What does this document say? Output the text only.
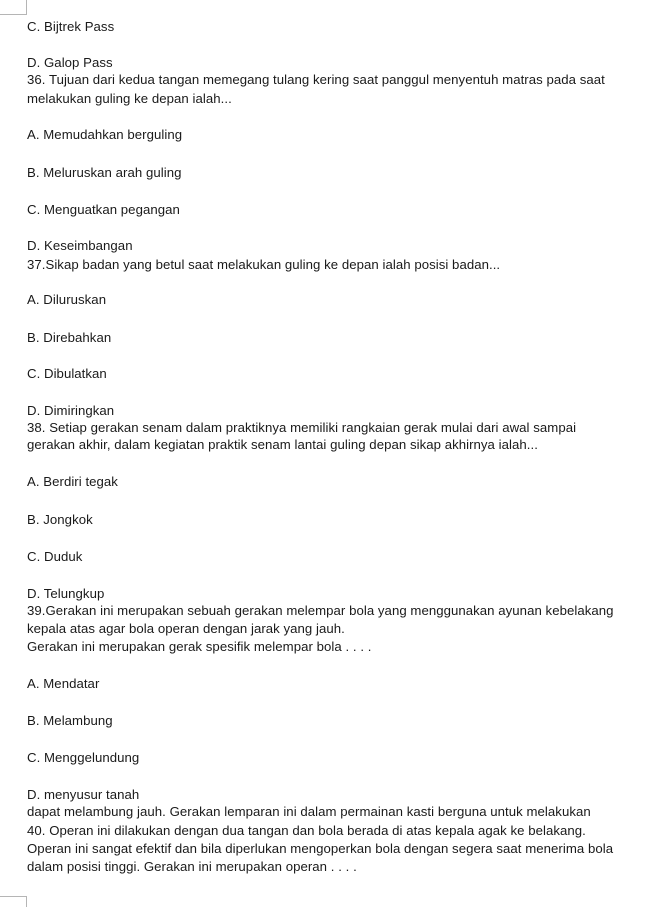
C. Bijtrek Pass

D. Galop Pass

36. Tujuan dari kedua tangan memegang tulang kering saat panggul menyentuh matras pada saat

melakukan guling ke depan ialah...

A. Memudahkan berguling

B. Meluruskan arah guling

C. Menguatkan pegangan

D. Keseimbangan

37.Sikap badan yang betul saat melakukan guling ke depan ialah posisi badan...

A. Diluruskan

B. Direbahkan

C. Dibulatkan

D. Dimiringkan

38. Setiap gerakan senam dalam praktiknya memiliki rangkaian gerak mulai dari awal sampai

gerakan akhir, dalam kegiatan praktik senam lantai guling depan sikap akhirnya ialah...

A. Berdiri tegak

B. Jongkok

C. Duduk

D. Telungkup

39.Gerakan ini merupakan sebuah gerakan melempar bola yang menggunakan ayunan kebelakang

kepala atas agar bola operan dengan jarak yang jauh.

Gerakan ini merupakan gerak spesifik melempar bola . . . .

A. Mendatar

B. Melambung

C. Menggelundung

D. menyusur tanah

dapat melambung jauh. Gerakan lemparan ini dalam permainan kasti berguna untuk melakukan

40. Operan ini dilakukan dengan dua tangan dan bola berada di atas kepala agak ke belakang.

Operan ini sangat efektif dan bila diperlukan mengoperkan bola dengan segera saat menerima bola

dalam posisi tinggi. Gerakan ini merupakan operan . . . .
